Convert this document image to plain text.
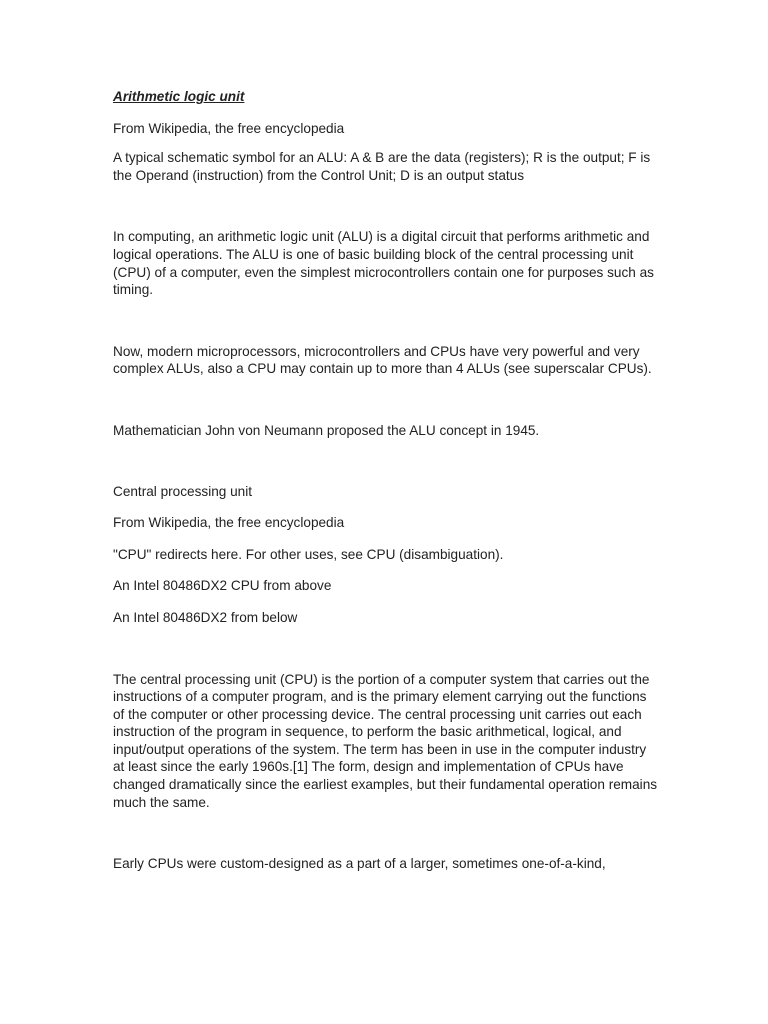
Arithmetic logic unit

From Wikipedia, the free encyclopedia

A typical schematic symbol for an ALU: A & B are the data (registers); R is the output; F is the Operand (instruction) from the Control Unit; D is an output status

In computing, an arithmetic logic unit (ALU) is a digital circuit that performs arithmetic and logical operations. The ALU is one of basic building block of the central processing unit (CPU) of a computer, even the simplest microcontrollers contain one for purposes such as timing.

Now, modern microprocessors, microcontrollers and CPUs have very powerful and very complex ALUs, also a CPU may contain up to more than 4 ALUs (see superscalar CPUs).

Mathematician John von Neumann proposed the ALU concept in 1945.

Central processing unit

From Wikipedia, the free encyclopedia

"CPU" redirects here. For other uses, see CPU (disambiguation).

An Intel 80486DX2 CPU from above

An Intel 80486DX2 from below

The central processing unit (CPU) is the portion of a computer system that carries out the instructions of a computer program, and is the primary element carrying out the functions of the computer or other processing device. The central processing unit carries out each instruction of the program in sequence, to perform the basic arithmetical, logical, and input/output operations of the system. The term has been in use in the computer industry at least since the early 1960s.[1] The form, design and implementation of CPUs have changed dramatically since the earliest examples, but their fundamental operation remains much the same.

Early CPUs were custom-designed as a part of a larger, sometimes one-of-a-kind,
